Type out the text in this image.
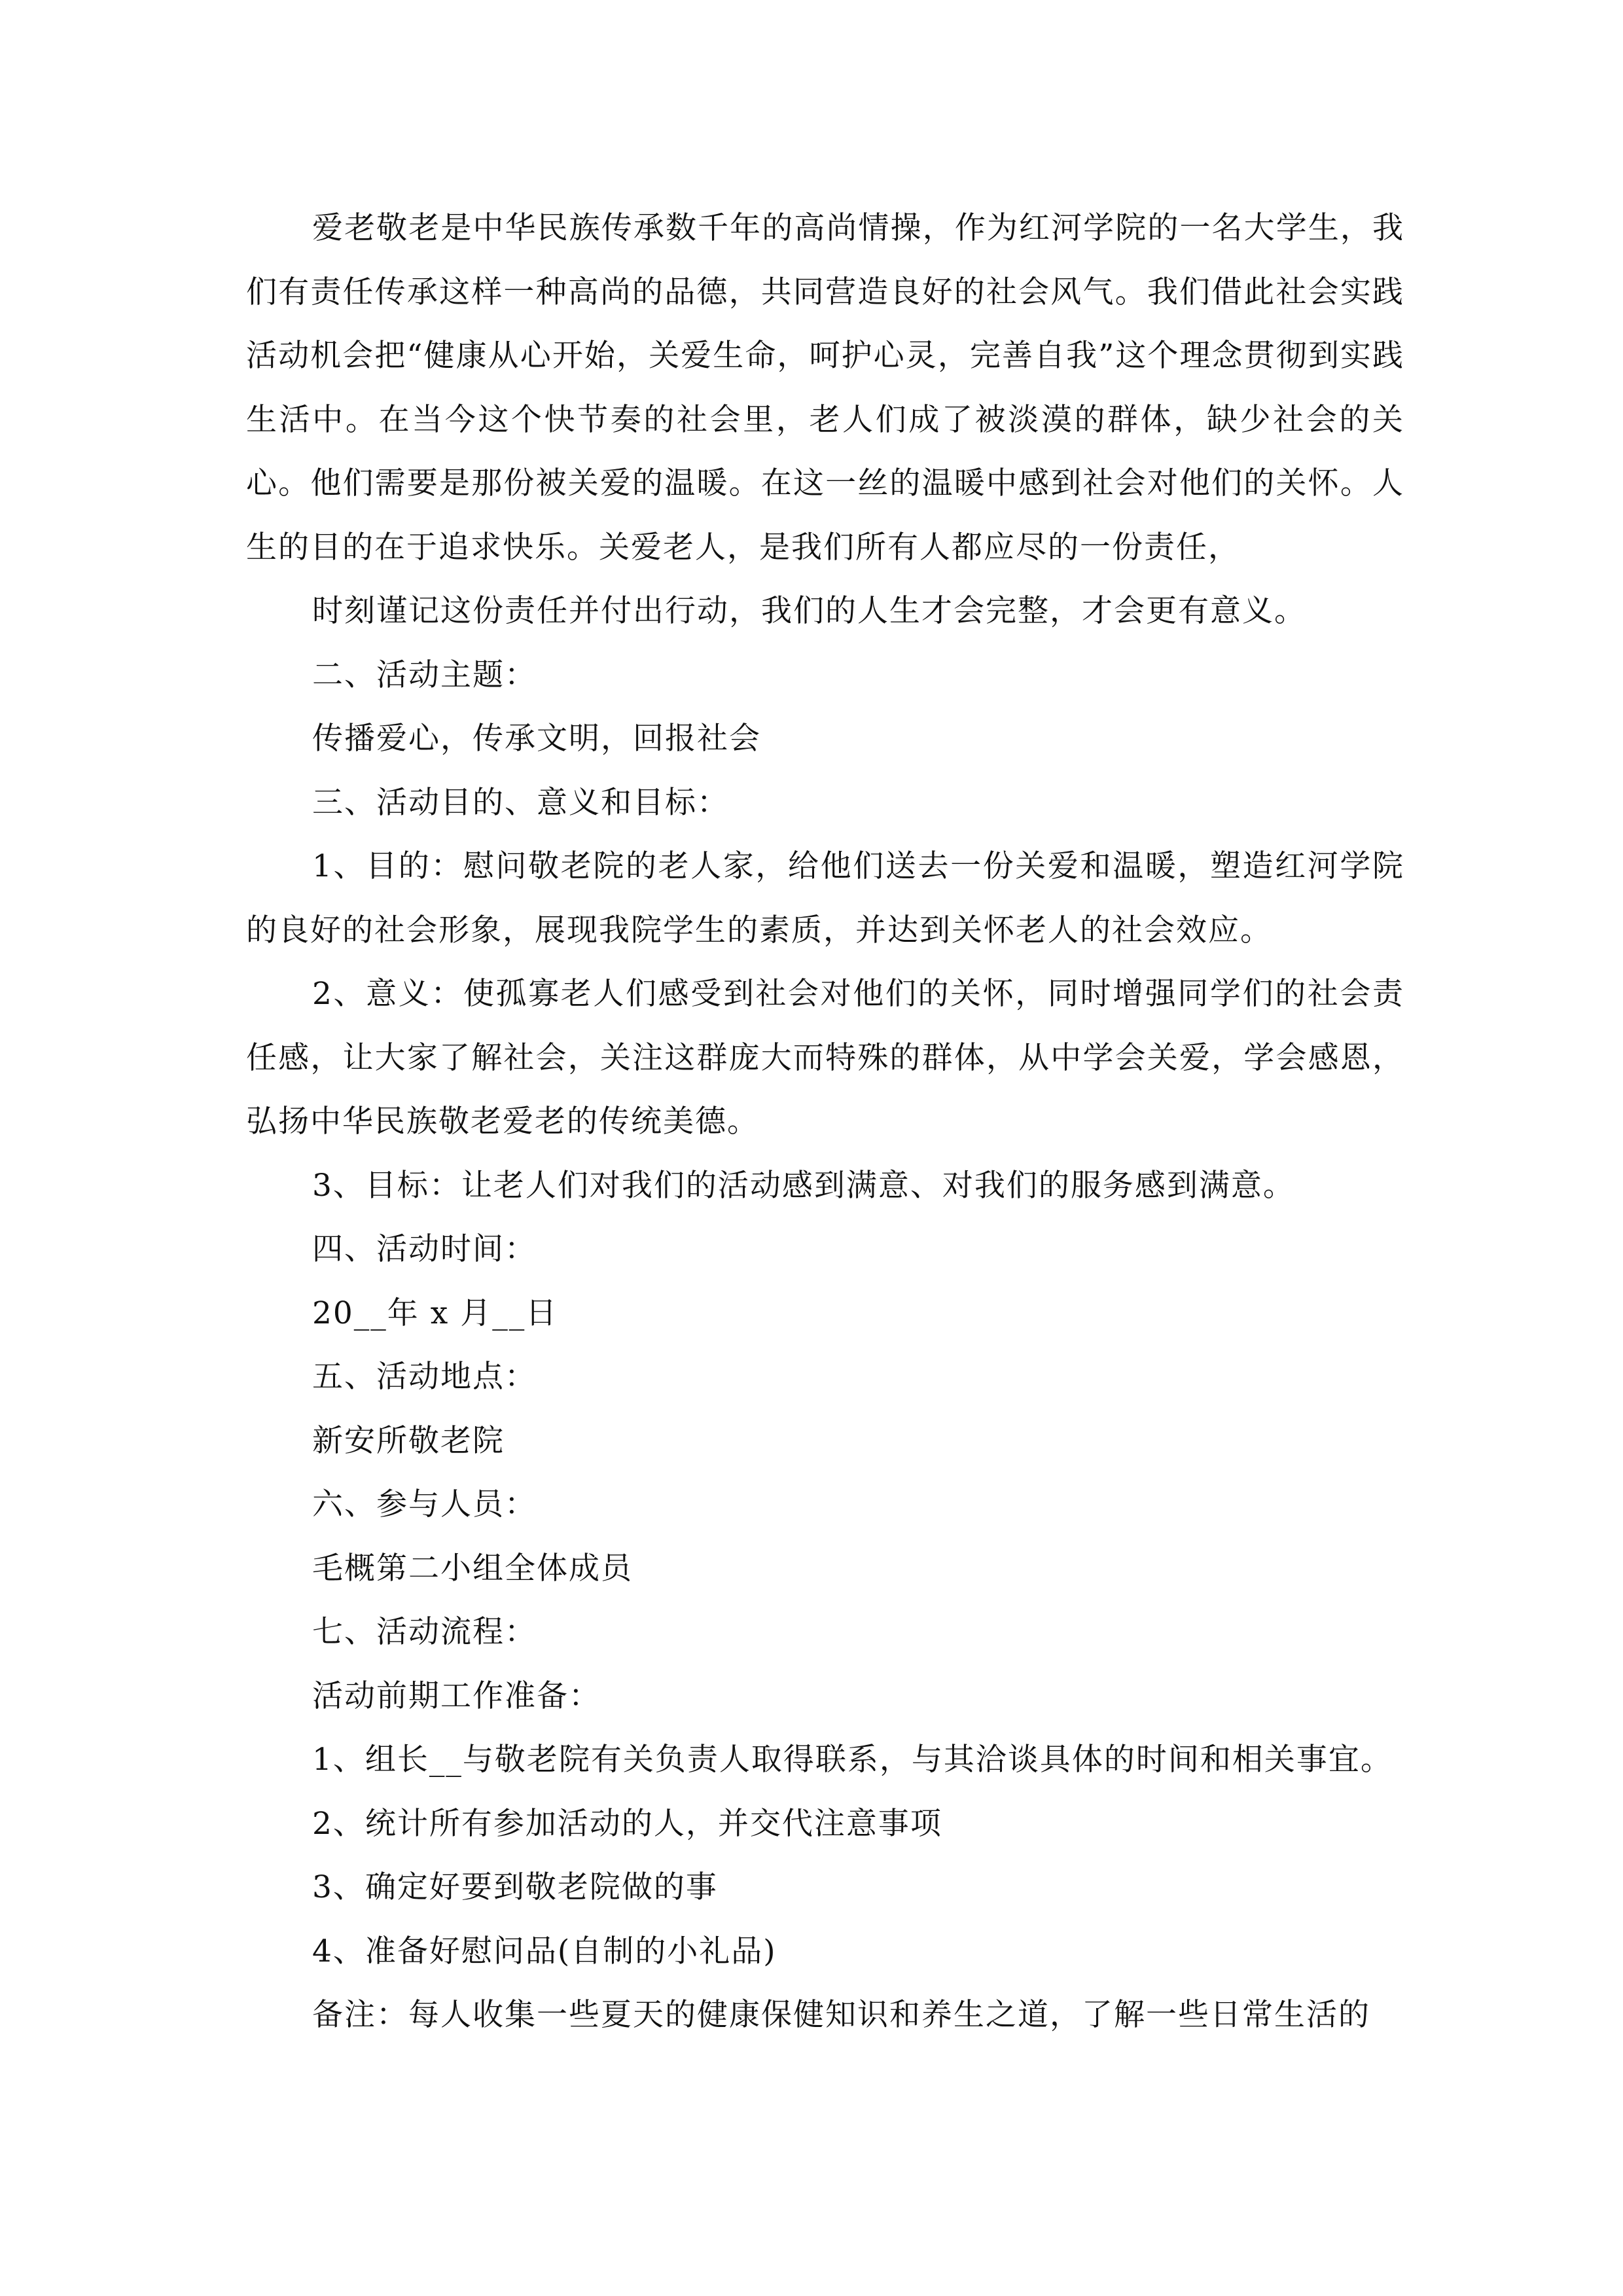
爱老敬老是中华民族传承数千年的高尚情操，作为红河学院的一名大学生，我们有责任传承这样一种高尚的品德，共同营造良好的社会风气。我们借此社会实践活动机会把“健康从心开始，关爱生命，呵护心灵，完善自我”这个理念贯彻到实践生活中。在当今这个快节奏的社会里，老人们成了被淡漠的群体，缺少社会的关心。他们需要是那份被关爱的温暖。在这一丝的温暖中感到社会对他们的关怀。人生的目的在于追求快乐。关爱老人，是我们所有人都应尽的一份责任，

时刻谨记这份责任并付出行动，我们的人生才会完整，才会更有意义。

二、活动主题：

传播爱心，传承文明，回报社会

三、活动目的、意义和目标：

1、目的：慰问敬老院的老人家，给他们送去一份关爱和温暖，塑造红河学院的良好的社会形象，展现我院学生的素质，并达到关怀老人的社会效应。

2、意义：使孤寡老人们感受到社会对他们的关怀，同时增强同学们的社会责任感，让大家了解社会，关注这群庞大而特殊的群体，从中学会关爱，学会感恩，弘扬中华民族敬老爱老的传统美德。

3、目标：让老人们对我们的活动感到满意、对我们的服务感到满意。

四、活动时间：

20__年 x 月__日

五、活动地点：

新安所敬老院

六、参与人员：

毛概第二小组全体成员

七、活动流程：

活动前期工作准备：

1、组长__与敬老院有关负责人取得联系，与其洽谈具体的时间和相关事宜。

2、统计所有参加活动的人，并交代注意事项

3、确定好要到敬老院做的事

4、准备好慰问品(自制的小礼品)

备注：每人收集一些夏天的健康保健知识和养生之道，了解一些日常生活的
